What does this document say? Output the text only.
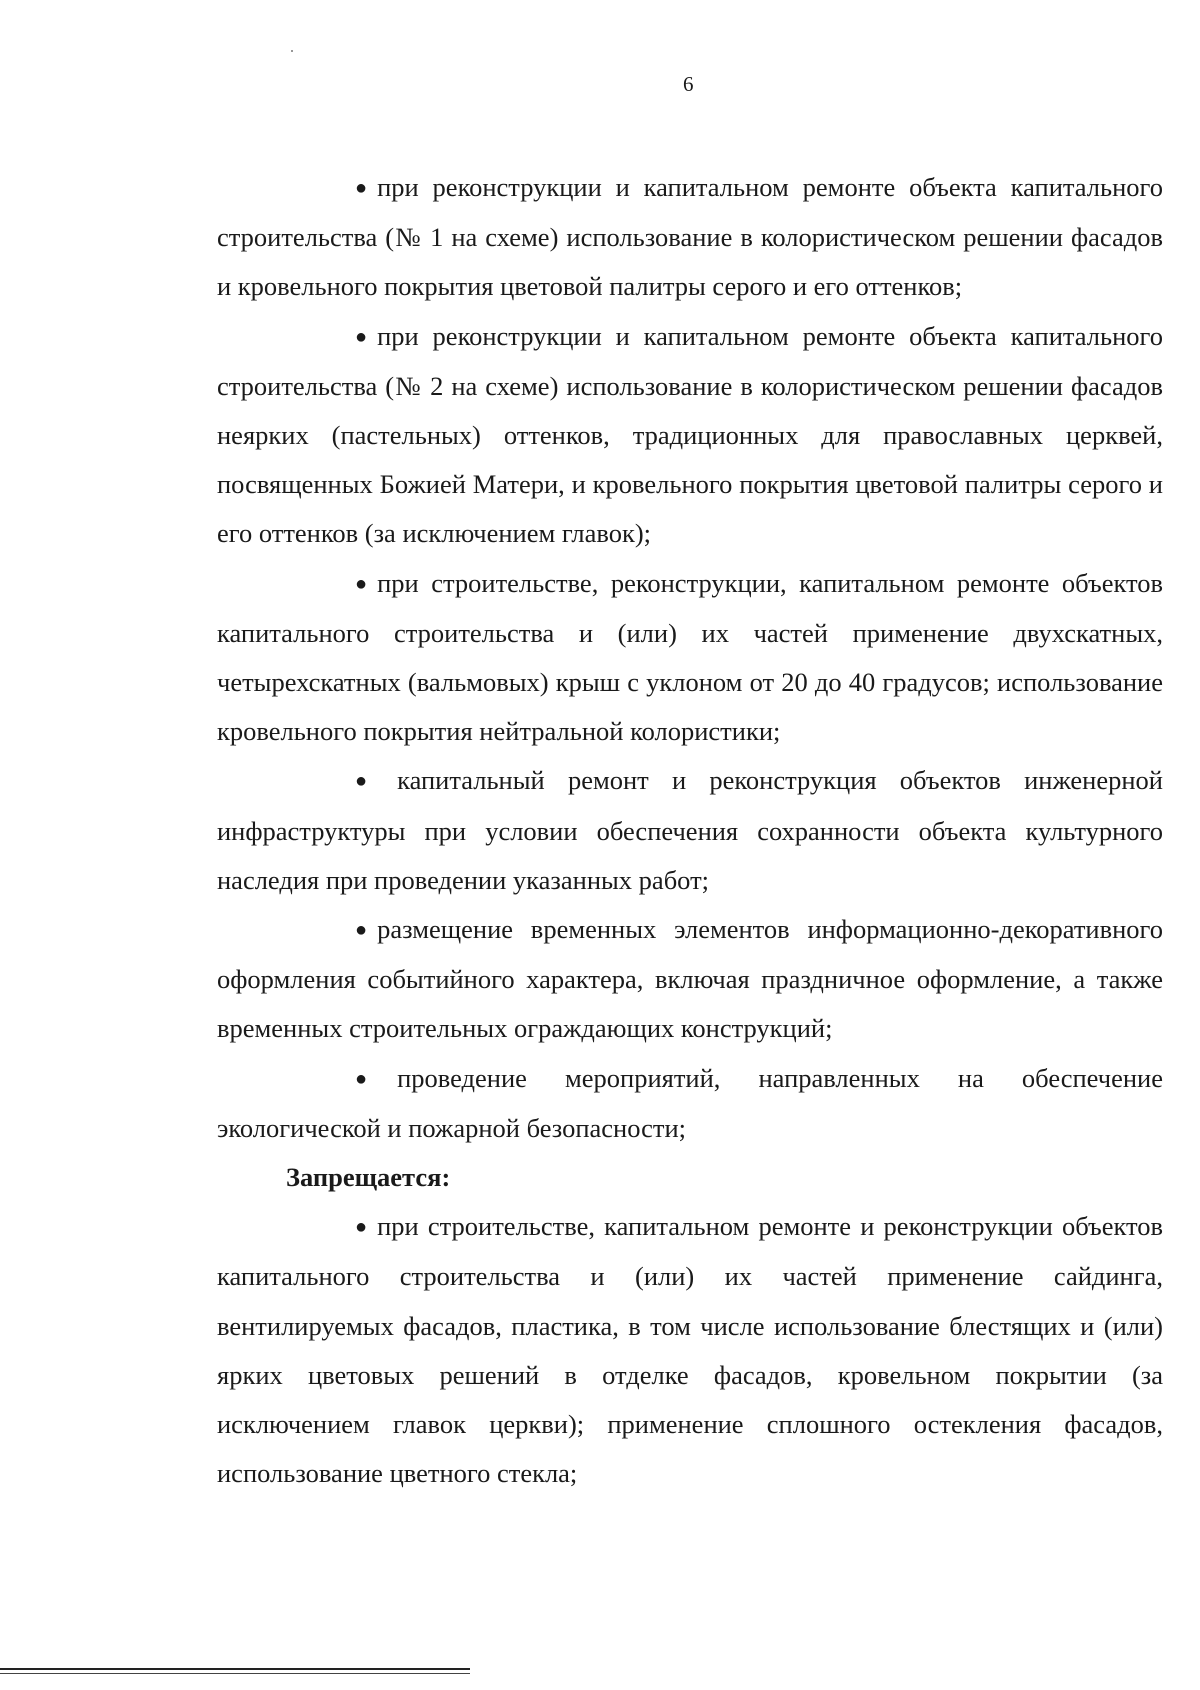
6

● при реконструкции и капитальном ремонте объекта капитального строительства (№ 1 на схеме) использование в колористическом решении фасадов и кровельного покрытия цветовой палитры серого и его оттенков;

● при реконструкции и капитальном ремонте объекта капитального строительства (№ 2 на схеме) использование в колористическом решении фасадов неярких (пастельных) оттенков, традиционных для православных церквей, посвященных Божией Матери, и кровельного покрытия цветовой палитры серого и его оттенков (за исключением главок);

● при строительстве, реконструкции, капитальном ремонте объектов капитального строительства и (или) их частей применение двухскатных, четырехскатных (вальмовых) крыш с уклоном от 20 до 40 градусов; использование кровельного покрытия нейтральной колористики;

● капитальный ремонт и реконструкция объектов инженерной инфраструктуры при условии обеспечения сохранности объекта культурного наследия при проведении указанных работ;

● размещение временных элементов информационно-декоративного оформления событийного характера, включая праздничное оформление, а также временных строительных ограждающих конструкций;

● проведение мероприятий, направленных на обеспечение экологической и пожарной безопасности;

Запрещается:

● при строительстве, капитальном ремонте и реконструкции объектов капитального строительства и (или) их частей применение сайдинга, вентилируемых фасадов, пластика, в том числе использование блестящих и (или) ярких цветовых решений в отделке фасадов, кровельном покрытии (за исключением главок церкви); применение сплошного остекления фасадов, использование цветного стекла;
